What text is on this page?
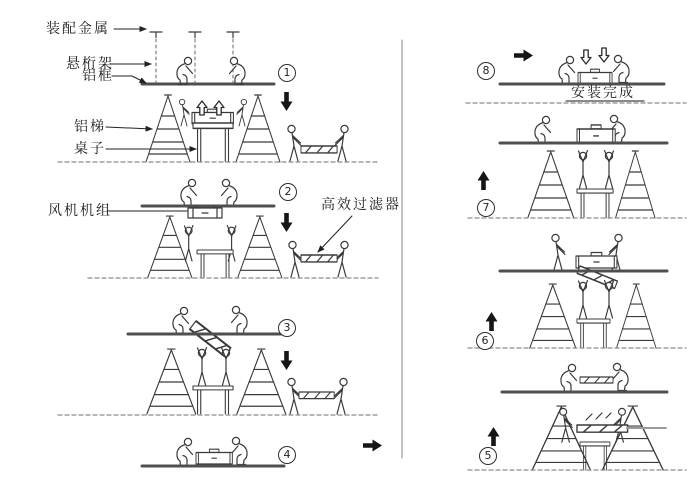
装配金属
悬桁架
铝框
铝梯
桌子
风机机组	高效过滤器
安装完成
1
2
3
4	5
6
7
8
